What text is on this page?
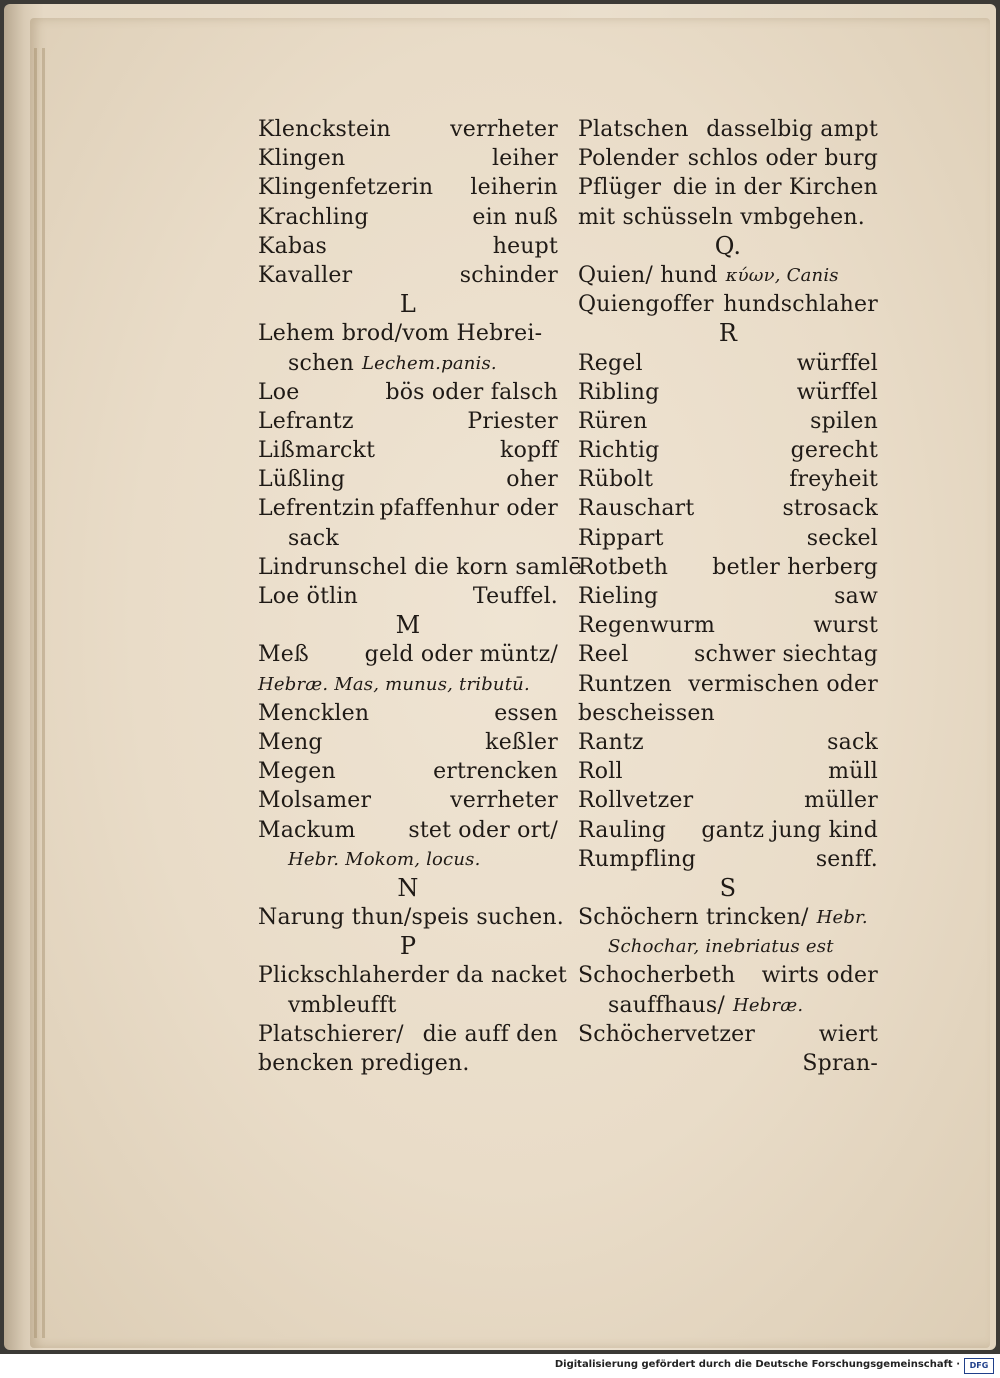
Klenckstein	verrheter
Klingen	leiher
Klingenfetzerin leiherin
Krachling	ein nuß
Kabas	heupt
Kavaller	schinder
L
Lehem brod/vom Hebrei-
schen Lechem.panis.
Loe	bös oder falsch
Lefrantz	Priester
Lißmarckt	kopff
Lüßling	oher
Lefrentzin pfaffenhur oder
sack
Lindrunschel die korn samlē
Loe ötlin	Teuffel.
M
Meß	geld oder müntz/
Hebræ. Mas, munus, tributū.
Mencklen	essen
Meng	keßler
Megen	ertrencken
Molsamer	verrheter
Mackum stet oder ort/
Hebr. Mokom, locus.
N
Narung thun/speis suchen.
P
Plickschlaher der da nacket
vmbleufft
Platschierer/ die auff den
bencken predigen.
Platschen dasselbig ampt
Polender schlos oder burg
Pflüger die in der Kirchen
mit schüsseln vmbgehen.
Q.
Quien/ hund κύων, Canis
Quiengoffer hundschlaher
R
Regel	würffel
Ribling	würffel
Rüren	spilen
Richtig	gerecht
Rübolt	freyheit
Rauschart	strosack
Rippart	seckel
Rotbeth betler herberg
Rieling	saw
Regenwurm	wurst
Reel	schwer siechtag
Runtzen vermischen oder
bescheissen
Rantz	sack
Roll	müll
Rollvetzer	müller
Rauling gantz jung kind
Rumpfling	senff.
S
Schöchern trincken/ Hebr.
Schochar, inebriatus est
Schocherbeth wirts oder
sauffhaus/ Hebræ.
Schöchervetzer	wiert
Spran-
Digitalisierung gefördert durch die Deutsche Forschungsgemeinschaft ·	DFG
